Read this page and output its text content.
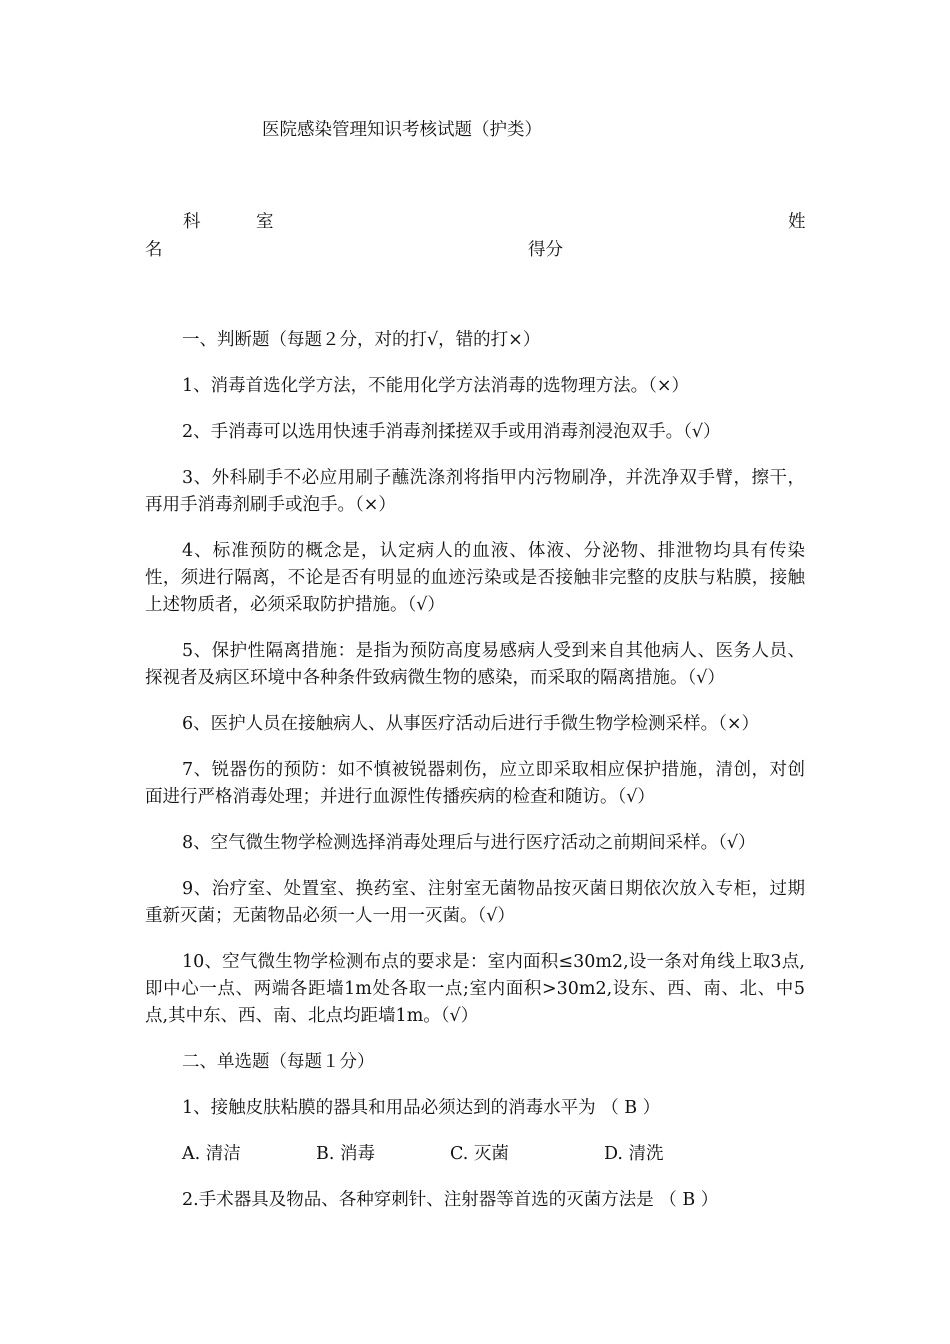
医院感染管理知识考核试题（护类）
科	室	姓
名	得分

一、判断题（每题２分，对的打√，错的打×）

1、消毒首选化学方法，不能用化学方法消毒的选物理方法。（×）

2、手消毒可以选用快速手消毒剂揉搓双手或用消毒剂浸泡双手。（√）

3、外科刷手不必应用刷子蘸洗涤剂将指甲内污物刷净，并洗净双手臂，擦干，再用手消毒剂刷手或泡手。（×）

4、标准预防的概念是，认定病人的血液、体液、分泌物、排泄物均具有传染性，须进行隔离，不论是否有明显的血迹污染或是否接触非完整的皮肤与粘膜，接触上述物质者，必须采取防护措施。（√）

5、保护性隔离措施：是指为预防高度易感病人受到来自其他病人、医务人员、探视者及病区环境中各种条件致病微生物的感染，而采取的隔离措施。（√）

6、医护人员在接触病人、从事医疗活动后进行手微生物学检测采样。（×）

7、锐器伤的预防：如不慎被锐器刺伤，应立即采取相应保护措施，清创，对创面进行严格消毒处理；并进行血源性传播疾病的检查和随访。（√）

8、空气微生物学检测选择消毒处理后与进行医疗活动之前期间采样。（√）

9、治疗室、处置室、换药室、注射室无菌物品按灭菌日期依次放入专柜，过期重新灭菌；无菌物品必须一人一用一灭菌。（√）

10、空气微生物学检测布点的要求是：室内面积≤30m2,设一条对角线上取3点,即中心一点、两端各距墙1m处各取一点;室内面积>30m2,设东、西、南、北、中5点,其中东、西、南、北点均距墙1m。（√）

二、单选题（每题１分）

1、接触皮肤粘膜的器具和用品必须达到的消毒水平为 （ B ）

A. 清洁	B. 消毒	C. 灭菌	D. 清洗

2.手术器具及物品、各种穿刺针、注射器等首选的灭菌方法是 （ B ）
